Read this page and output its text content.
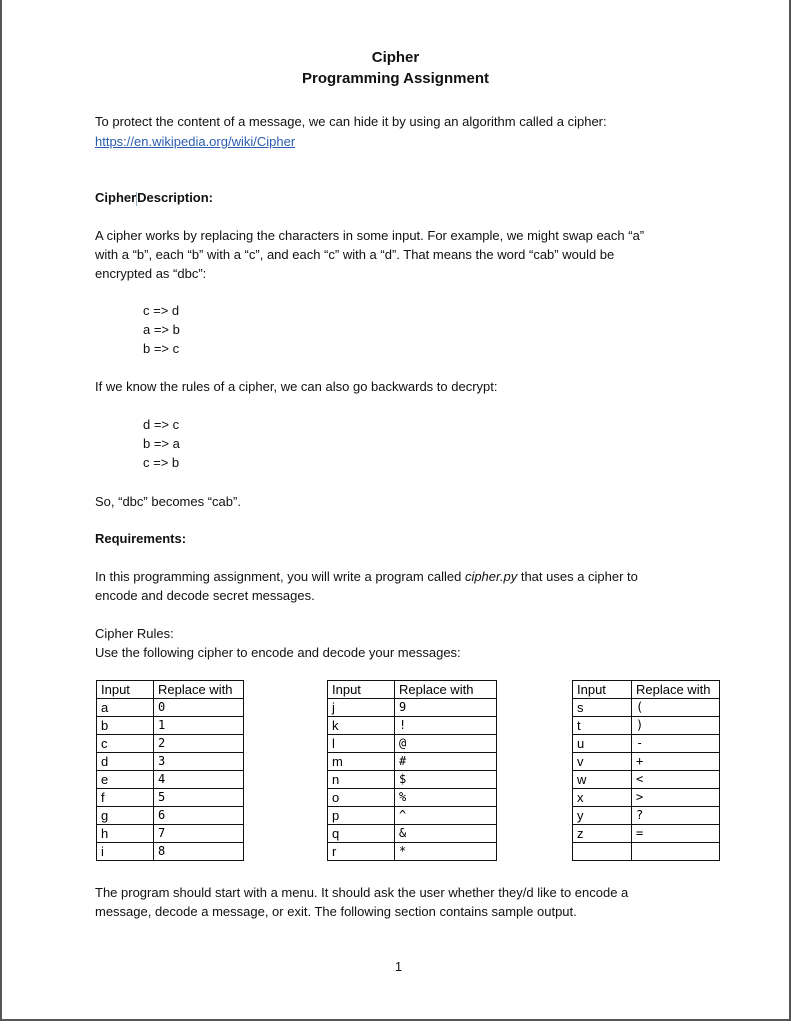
Cipher
Programming Assignment
To protect the content of a message, we can hide it by using an algorithm called a cipher:
https://en.wikipedia.org/wiki/Cipher
CipherDescription:
A cipher works by replacing the characters in some input. For example, we might swap each “a”
with a “b”, each “b” with a “c”, and each “c” with a “d”. That means the word “cab” would be
encrypted as “dbc”:
c => d
a => b
b => c
If we know the rules of a cipher, we can also go backwards to decrypt:
d => c
b => a
c => b
So, “dbc” becomes “cab”.
Requirements:
In this programming assignment, you will write a program called cipher.py that uses a cipher to
encode and decode secret messages.
Cipher Rules:
Use the following cipher to encode and decode your messages:
Input	Replace with
a	0
b	1
c	2
d	3
e	4
f	5
g	6
h	7
i	8
Input	Replace with
j	9
k	!
l	@
m	#
n	$
o	%
p	^
q	&
r	*
Input	Replace with
s	(
t	)
u	-
v	+
w	<
x	>
y	?
z	=

The program should start with a menu. It should ask the user whether they/d like to encode a
message, decode a message, or exit. The following section contains sample output.
1
